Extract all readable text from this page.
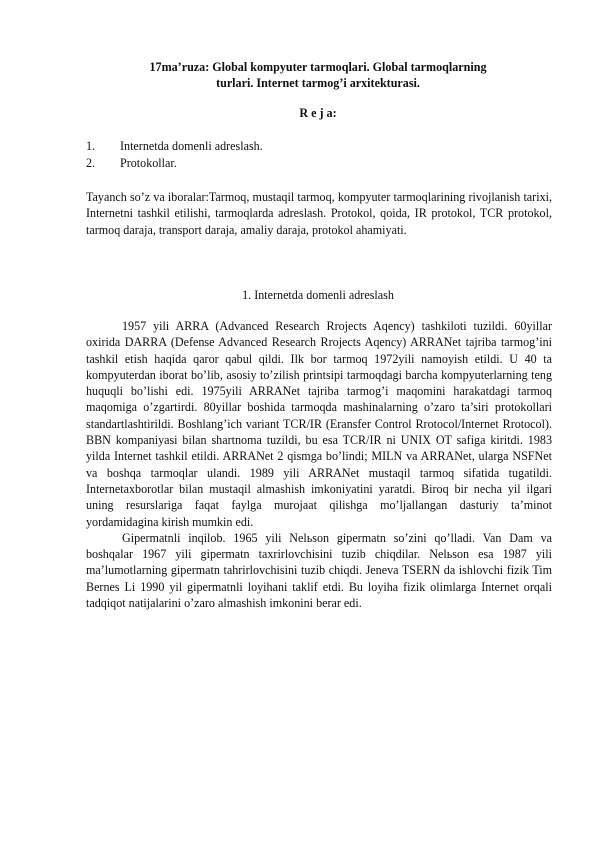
17ma’ruza: Global kompyuter tarmoqlari. Global tarmoqlarning
turlari. Internet tarmog’i arxitekturasi.
R e j a:
1. Internetda domenli adreslash.
2. Protokollar.

Tayanch so’z va iboralar:Tarmoq, mustaqil tarmoq, kompyuter tarmoqlarining rivojlanish tarixi, Internetni tashkil etilishi, tarmoqlarda adreslash. Protokol, qoida, IR protokol, TCR protokol, tarmoq daraja, transport daraja, amaliy daraja, protokol ahamiyati.

1. Internetda domenli adreslash

1957 yili ARRA (Advanced Research Rrojects Aqency) tashkiloti tuzildi. 60yillar oxirida DARRA (Defense Advanced Research Rrojects Aqency) ARRANet tajriba tarmog’ini tashkil etish haqida qaror qabul qildi. Ilk bor tarmoq 1972yili namoyish etildi. U 40 ta kompyuterdan iborat bo’lib, asosiy to’zilish printsipi tarmoqdagi barcha kompyuterlarning teng huquqli bo’lishi edi. 1975yili ARRANet tajriba tarmog’i maqomini harakatdagi tarmoq maqomiga o’zgartirdi. 80yillar boshida tarmoqda mashinalarning o’zaro ta’siri protokollari standartlashtirildi. Boshlang’ich variant TCR/IR (Eransfer Control Rrotocol/Internet Rrotocol). BBN kompaniyasi bilan shartnoma tuzildi, bu esa TCR/IR ni UNIX OT safiga kiritdi. 1983 yilda Internet tashkil etildi. ARRANet 2 qismga bo’lindi; MILN va ARRANet, ularga NSFNet va boshqa tarmoqlar ulandi. 1989 yili ARRANet mustaqil tarmoq sifatida tugatildi. Internetaxborotlar bilan mustaqil almashish imkoniyatini yaratdi. Biroq bir necha yil ilgari uning resurslariga faqat faylga murojaat qilishga mo’ljallangan dasturiy ta’minot yordamidagina kirish mumkin edi.

Gipermatnli inqilob. 1965 yili Nelьson gipermatn so’zini qo’lladi. Van Dam va boshqalar 1967 yili gipermatn taxrirlovchisini tuzib chiqdilar. Nelьson esa 1987 yili ma’lumotlarning gipermatn tahrirlovchisini tuzib chiqdi. Jeneva TSERN da ishlovchi fizik Tim Bernes Li 1990 yil gipermatnli loyihani taklif etdi. Bu loyiha fizik olimlarga Internet orqali tadqiqot natijalarini o’zaro almashish imkonini berar edi.
